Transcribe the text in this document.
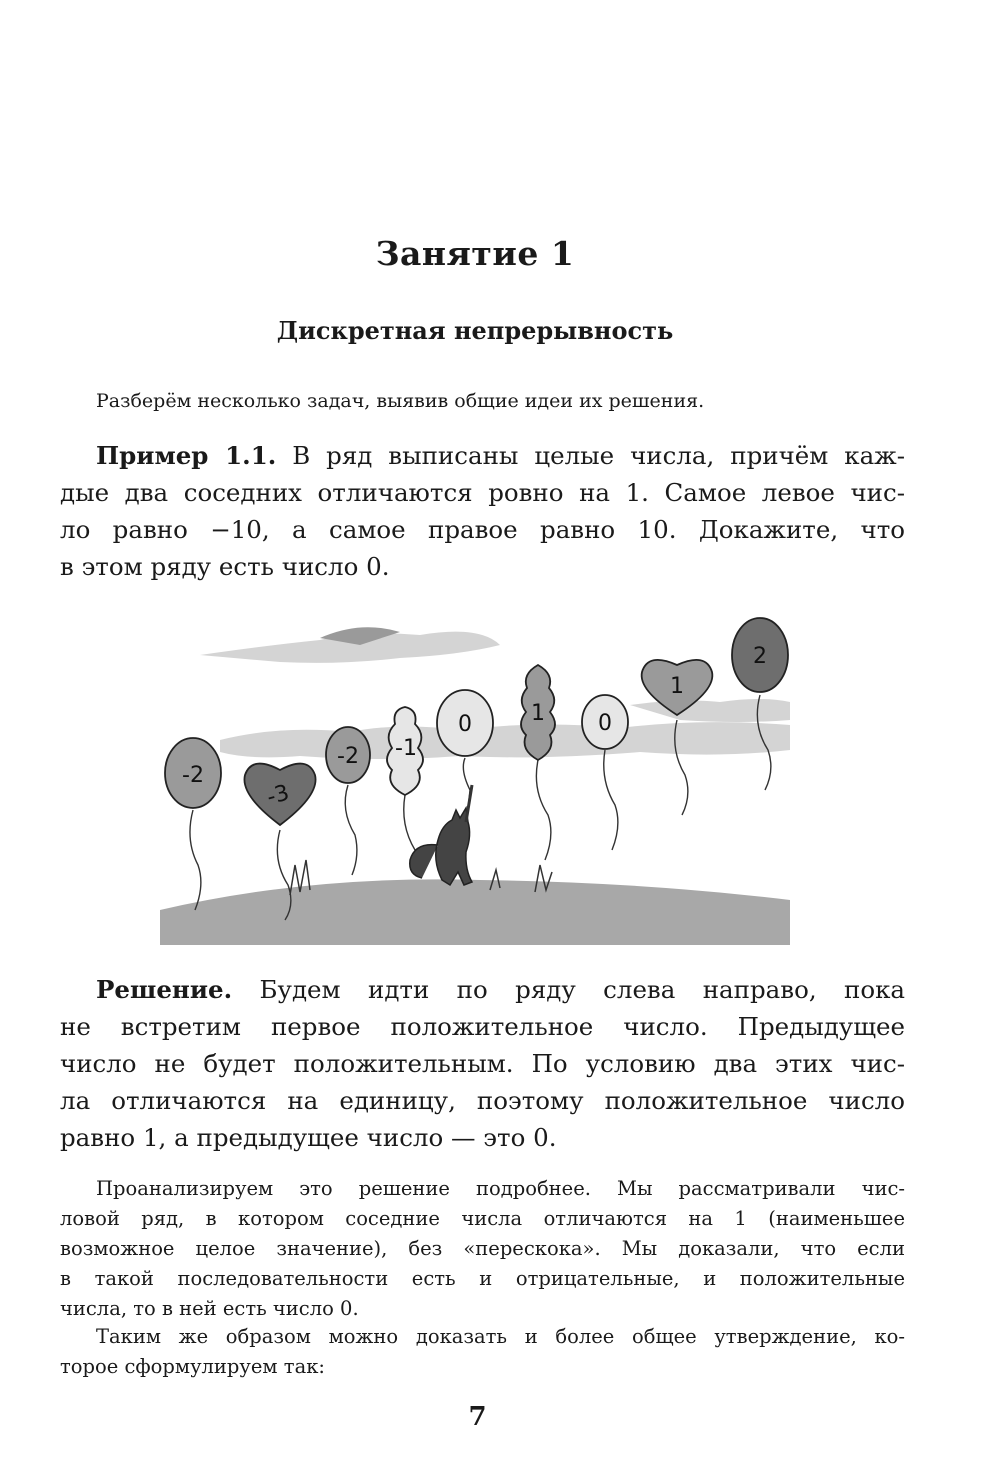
Занятие 1
Дискретная непрерывность
Разберём несколько задач, выявив общие идеи их решения.
Пример 1.1. В ряд выписаны целые числа, причём каж-
дые два соседних отличаются ровно на 1. Самое левое чис-
ло равно −10, а самое правое равно 10. Докажите, что
в этом ряду есть число 0.
-2
-3
-2 -1
0	1 0
1
2
Решение. Будем идти по ряду слева направо, пока
не встретим первое положительное число. Предыдущее
число не будет положительным. По условию два этих чис-
ла отличаются на единицу, поэтому положительное число
равно 1, а предыдущее число — это 0.
Проанализируем это решение подробнее. Мы рассматривали чис-
ловой ряд, в котором соседние числа отличаются на 1 (наименьшее
возможное целое значение), без «перескока». Мы доказали, что если
в такой последовательности есть и отрицательные, и положительные
числа, то в ней есть число 0.
Таким же образом можно доказать и более общее утверждение, ко-
торое сформулируем так:
7
